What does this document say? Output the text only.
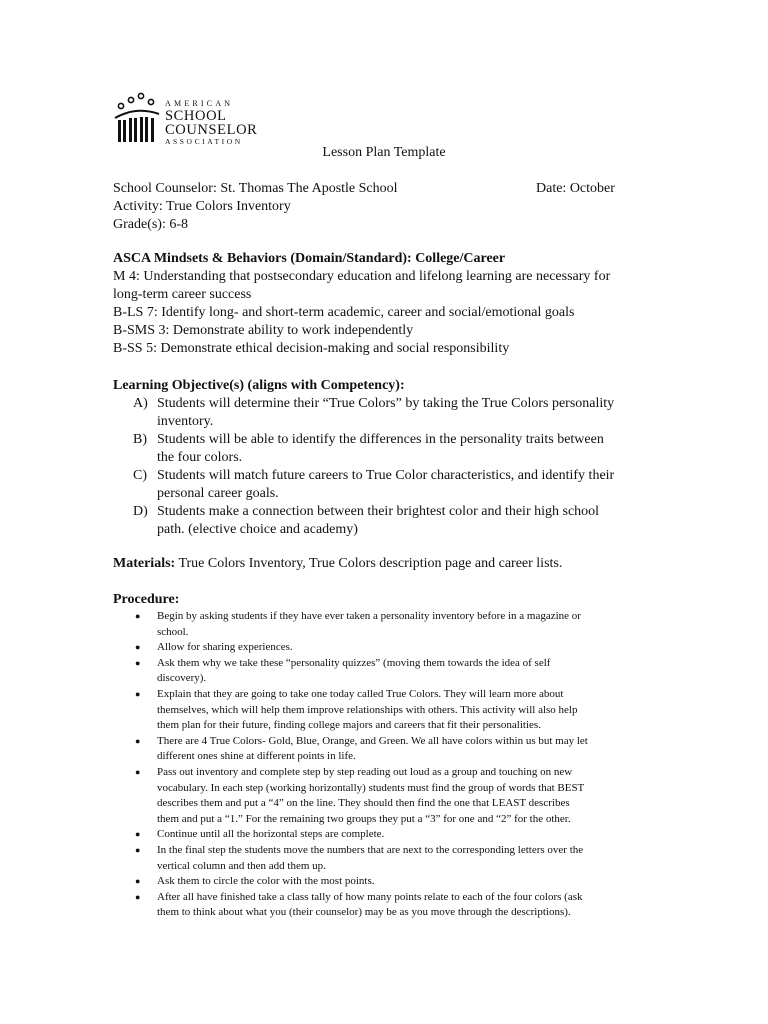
AMERICAN
SCHOOL
COUNSELOR
ASSOCIATION
Lesson Plan Template
School Counselor: St. Thomas The Apostle School
Activity: True Colors Inventory
Grade(s): 6-8
Date: October
ASCA Mindsets & Behaviors (Domain/Standard): College/Career
M 4: Understanding that postsecondary education and lifelong learning are necessary for
long-term career success
B-LS 7: Identify long- and short-term academic, career and social/emotional goals
B-SMS 3: Demonstrate ability to work independently
B-SS 5: Demonstrate ethical decision-making and social responsibility
Learning Objective(s) (aligns with Competency):
A) Students will determine their “True Colors” by taking the True Colors personality
inventory.
B) Students will be able to identify the differences in the personality traits between
the four colors.
C) Students will match future careers to True Color characteristics, and identify their
personal career goals.
D) Students make a connection between their brightest color and their high school
path. (elective choice and academy)
Materials: True Colors Inventory, True Colors description page and career lists.
Procedure:
●	Begin by asking students if they have ever taken a personality inventory before in a magazine or
school.
●	Allow for sharing experiences.
●	Ask them why we take these “personality quizzes” (moving them towards the idea of self
discovery).
●	Explain that they are going to take one today called True Colors. They will learn more about
themselves, which will help them improve relationships with others. This activity will also help
them plan for their future, finding college majors and careers that fit their personalities.
●	There are 4 True Colors- Gold, Blue, Orange, and Green. We all have colors within us but may let
different ones shine at different points in life.
●	Pass out inventory and complete step by step reading out loud as a group and touching on new
vocabulary. In each step (working horizontally) students must find the group of words that BEST
describes them and put a “4” on the line. They should then find the one that LEAST describes
them and put a “1.” For the remaining two groups they put a “3” for one and “2” for the other.
●	Continue until all the horizontal steps are complete.
●	In the final step the students move the numbers that are next to the corresponding letters over the
vertical column and then add them up.
●	Ask them to circle the color with the most points.
●	After all have finished take a class tally of how many points relate to each of the four colors (ask
them to think about what you (their counselor) may be as you move through the descriptions).
